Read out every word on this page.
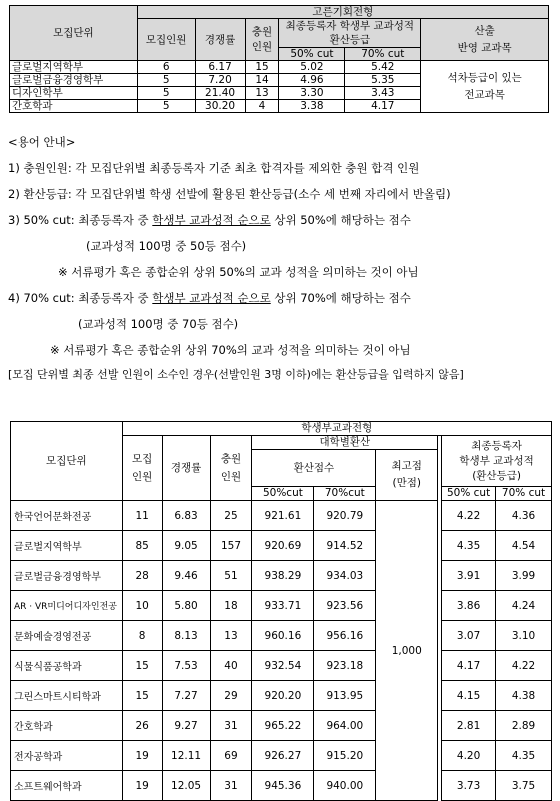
모집단위	고른기회전형					
	모집인원	경쟁률	충원
인원	최종등록자 학생부 교과성적
환산등급		산출
반영 교과목
				50% cut	70% cut	
글로벌지역학부	6	6.17	15	5.02	5.42	석차등급이 있는
전교과목
글로벌금융경영학부	5	7.20	14	4.96	5.35	
디자인학부	5	21.40	13	3.30	3.43	
간호학과	5	30.20	4	3.38	4.17	
<용어 안내>
1) 충원인원: 각 모집단위별 최종등록자 기준 최초 합격자를 제외한 충원 합격 인원
2) 환산등급: 각 모집단위별 학생 선발에 활용된 환산등급(소수 세 번째 자리에서 반올림)
3) 50% cut: 최종등록자 중 학생부 교과성적 순으로 상위 50%에 해당하는 점수
(교과성적 100명 중 50등 점수)
※ 서류평가 혹은 종합순위 상위 50%의 교과 성적을 의미하는 것이 아님
4) 70% cut: 최종등록자 중 학생부 교과성적 순으로 상위 70%에 해당하는 점수
(교과성적 100명 중 70등 점수)
※ 서류평가 혹은 종합순위 상위 70%의 교과 성적을 의미하는 것이 아님
[모집 단위별 최종 선발 인원이 소수인 경우(선발인원 3명 이하)에는 환산등급을 입력하지 않음]
모집단위	학생부교과전형								
	모집
인원	경쟁률	충원
인원	대학별환산				최종등록자
학생부 교과성적
(환산등급)	
				환산점수		최고점
(만점)			
				50%cut	70%cut			50% cut	70% cut
한국언어문화전공	11	6.83	25	921.61	920.79	1,000		4.22	4.36
글로벌지역학부	85	9.05	157	920.69	914.52			4.35	4.54
글로벌금융경영학부	28	9.46	51	938.29	934.03			3.91	3.99
AR · VR미디어디자인전공	10	5.80	18	933.71	923.56			3.86	4.24
문화예술경영전공	8	8.13	13	960.16	956.16			3.07	3.10
식물식품공학과	15	7.53	40	932.54	923.18			4.17	4.22
그린스마트시티학과	15	7.27	29	920.20	913.95			4.15	4.38
간호학과	26	9.27	31	965.22	964.00			2.81	2.89
전자공학과	19	12.11	69	926.27	915.20			4.20	4.35
소프트웨어학과	19	12.05	31	945.36	940.00			3.73	3.75
